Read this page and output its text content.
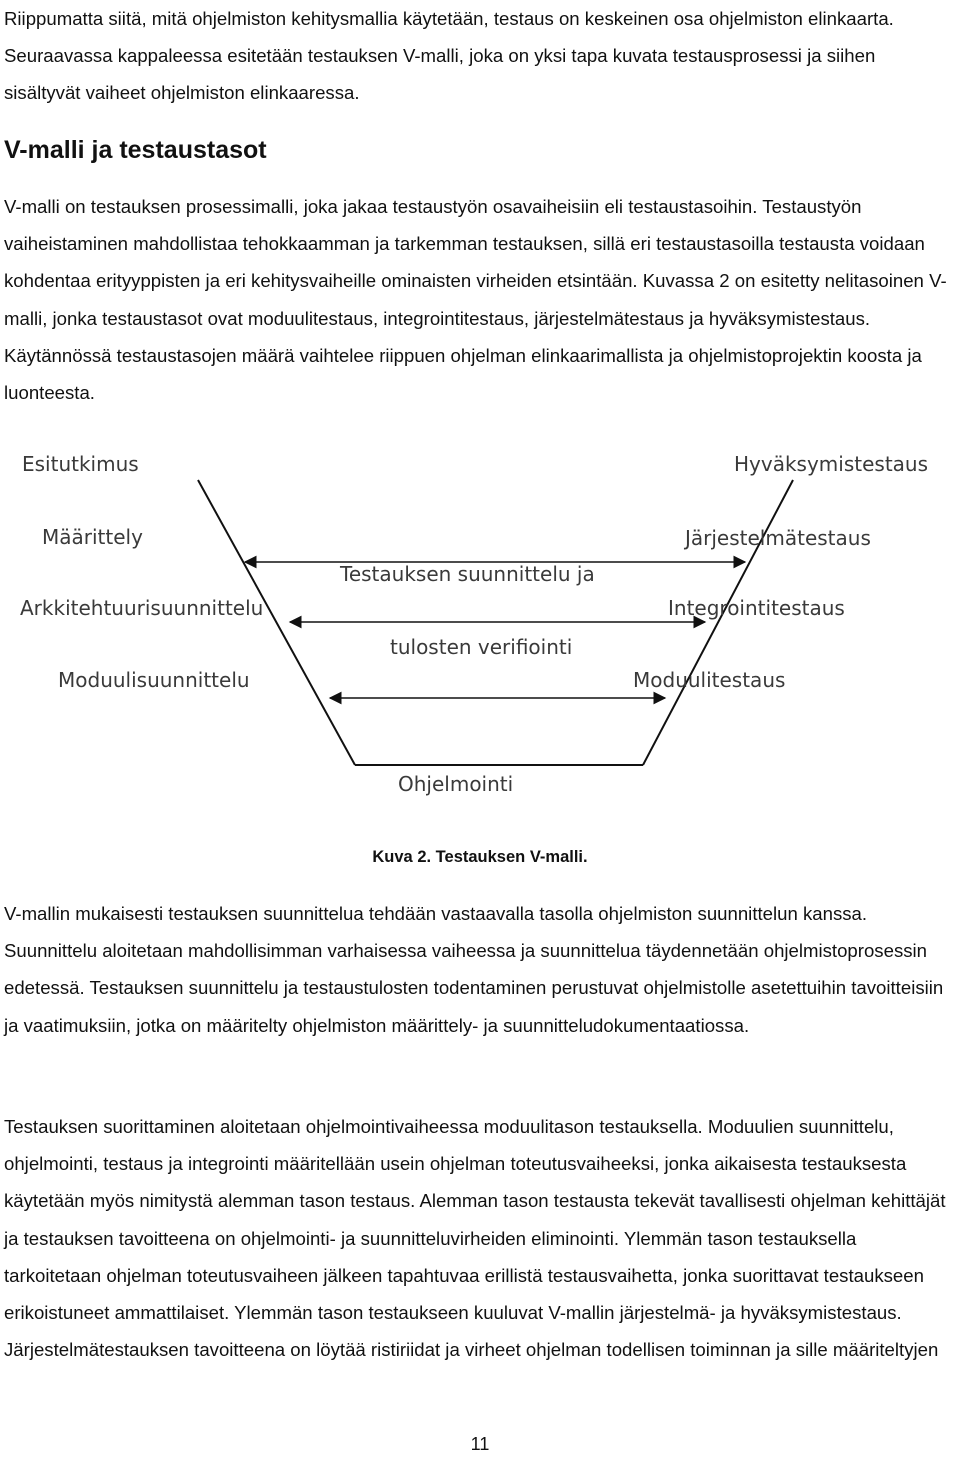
Riippumatta siitä, mitä ohjelmiston kehitysmallia käytetään, testaus on keskeinen osa ohjelmiston elinkaarta. Seuraavassa kappaleessa esitetään testauksen V-malli, joka on yksi tapa kuvata testausprosessi ja siihen sisältyvät vaiheet ohjelmiston elinkaaressa.

V-malli ja testaustasot

V-malli on testauksen prosessimalli, joka jakaa testaustyön osavaiheisiin eli testaustasoihin. Testaustyön vaiheistaminen mahdollistaa tehokkaamman ja tarkemman testauksen, sillä eri testaustasoilla testausta voidaan kohdentaa erityyppisten ja eri kehitysvaiheille ominaisten virheiden etsintään. Kuvassa 2 on esitetty nelitasoinen V-malli, jonka testaustasot ovat moduulitestaus, integrointitestaus, järjestelmätestaus ja hyväksymistestaus. Käytännössä testaustasojen määrä vaihtelee riippuen ohjelman elinkaarimallista ja ohjelmistoprojektin koosta ja luonteesta.

Esitutkimus
Määrittely
Arkkitehtuurisuunnittelu
Moduulisuunnittelu
Hyväksymistestaus
Järjestelmätestaus
Integrointitestaus
Moduulitestaus
Testauksen suunnittelu ja
tulosten verifiointi
Ohjelmointi
Kuva 2. Testauksen V-malli.

V-mallin mukaisesti testauksen suunnittelua tehdään vastaavalla tasolla ohjelmiston suunnittelun kanssa. Suunnittelu aloitetaan mahdollisimman varhaisessa vaiheessa ja suunnittelua täydennetään ohjelmistoprosessin edetessä. Testauksen suunnittelu ja testaustulosten todentaminen perustuvat ohjelmistolle asetettuihin tavoitteisiin ja vaatimuksiin, jotka on määritelty ohjelmiston määrittely- ja suunnitteludokumentaatiossa.

Testauksen suorittaminen aloitetaan ohjelmointivaiheessa moduulitason testauksella. Moduulien suunnittelu, ohjelmointi, testaus ja integrointi määritellään usein ohjelman toteutusvaiheeksi, jonka aikaisesta testauksesta käytetään myös nimitystä alemman tason testaus. Alemman tason testausta tekevät tavallisesti ohjelman kehittäjät ja testauksen tavoitteena on ohjelmointi- ja suunnitteluvirheiden eliminointi. Ylemmän tason testauksella tarkoitetaan ohjelman toteutusvaiheen jälkeen tapahtuvaa erillistä testausvaihetta, jonka suorittavat testaukseen erikoistuneet ammattilaiset. Ylemmän tason testaukseen kuuluvat V-mallin järjestelmä- ja hyväksymistestaus. Järjestelmätestauksen tavoitteena on löytää ristiriidat ja virheet ohjelman todellisen toiminnan ja sille määriteltyjen

11
